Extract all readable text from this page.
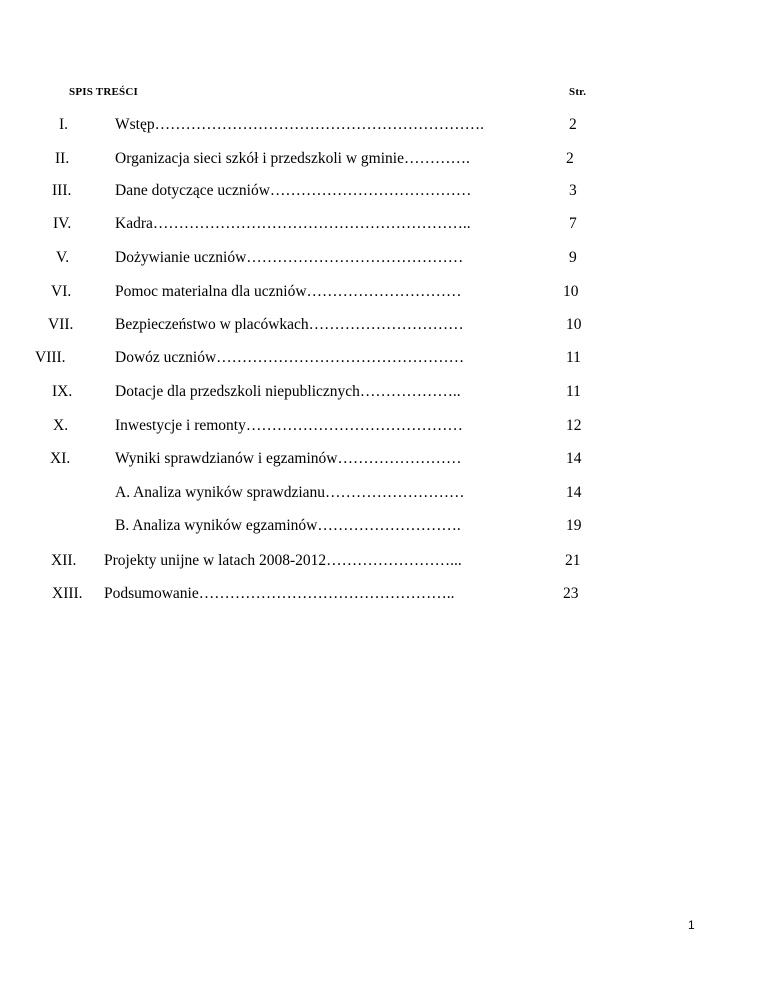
SPIS TREŚCI	Str.
I.	Wstęp……………………………………………………….	2
II.	Organizacja sieci szkół i przedszkoli w gminie………….	2
III.	Dane dotyczące uczniów…………………………………	3
IV.	Kadra……………………………………………………..	7
V.	Dożywianie uczniów……………………………………	9
VI.	Pomoc materialna dla uczniów…………………………	10
VII.	Bezpieczeństwo w placówkach…………………………	10
VIII.	Dowóz uczniów…………………………………………	11
IX.	Dotacje dla przedszkoli niepublicznych………………..	11
X.	Inwestycje i remonty……………………………………	12
XI.	Wyniki sprawdzianów i egzaminów……………………	14
A. Analiza wyników sprawdzianu………………………	14
B. Analiza wyników egzaminów……………………….	19
XII. Projekty unijne w latach 2008-2012……………………...	21
XIII. Podsumowanie…………………………………………..	23
1
